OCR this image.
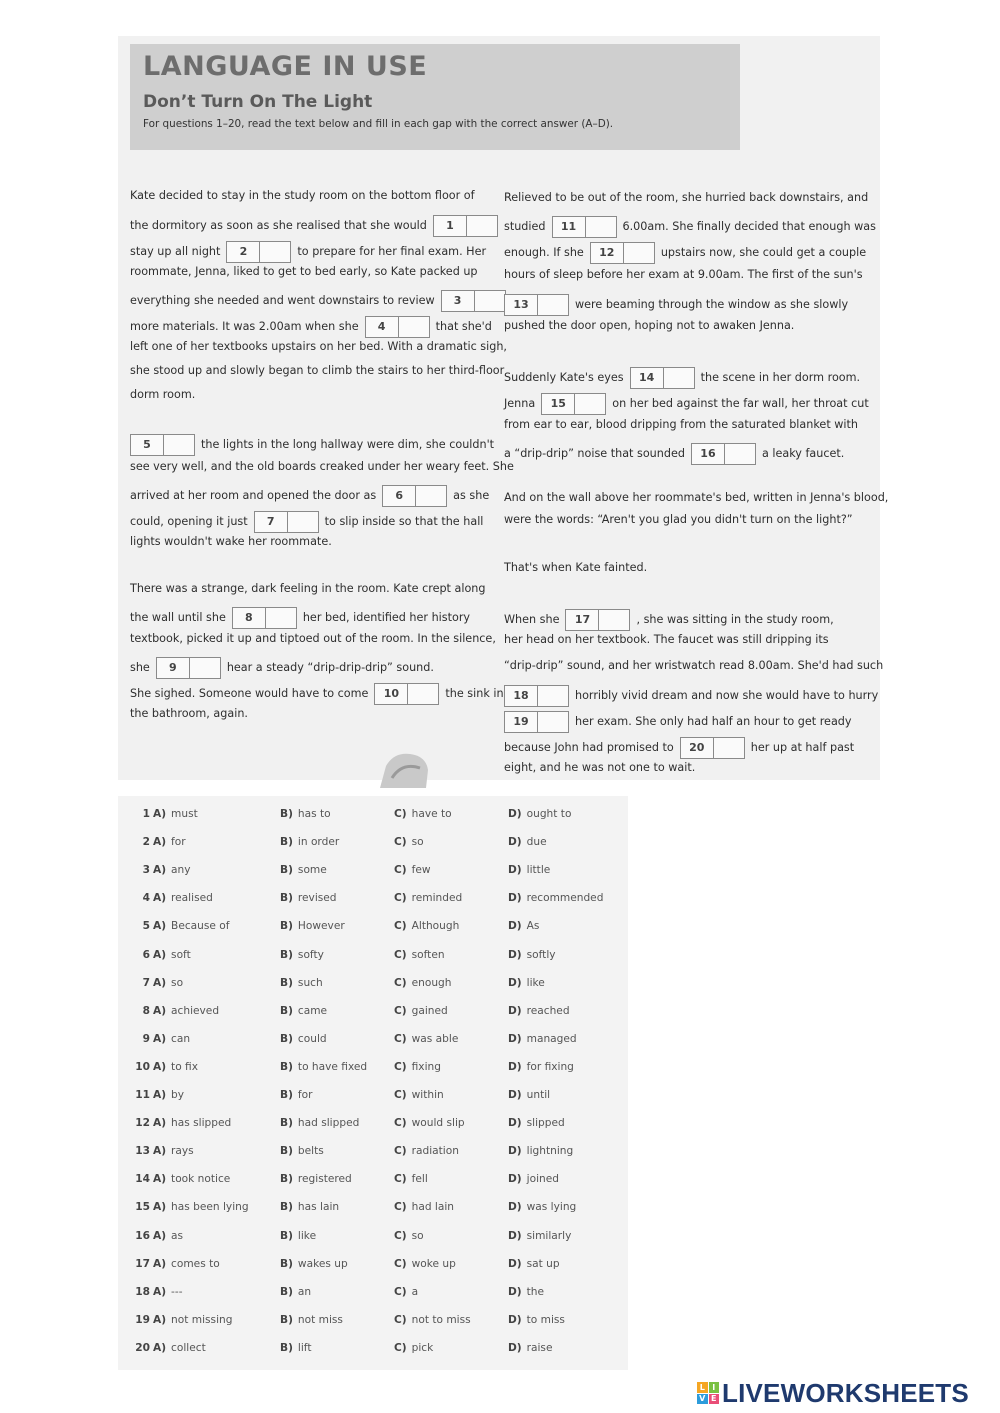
LANGUAGE IN USE
Don’t Turn On The Light
For questions 1–20, read the text below and fill in each gap with the correct answer (A–D).
Kate decided to stay in the study room on the bottom floor of
the dormitory as soon as she realised that she would	1
stay up all night	2	to prepare for her final exam. Her
roommate, Jenna, liked to get to bed early, so Kate packed up
everything she needed and went downstairs to review	3
more materials. It was 2.00am when she	4	that she'd
left one of her textbooks upstairs on her bed. With a dramatic sigh,
she stood up and slowly began to climb the stairs to her third-floor
dorm room.
5	the lights in the long hallway were dim, she couldn't
see very well, and the old boards creaked under her weary feet. She
arrived at her room and opened the door as	6	as she
could, opening it just	7	to slip inside so that the hall
lights wouldn't wake her roommate.
There was a strange, dark feeling in the room. Kate crept along
the wall until she	8	her bed, identified her history
textbook, picked it up and tiptoed out of the room. In the silence,
she	9	hear a steady “drip-drip-drip” sound.
She sighed. Someone would have to come	10	the sink in
the bathroom, again.
Relieved to be out of the room, she hurried back downstairs, and
studied	11	6.00am. She finally decided that enough was
enough. If she	12	upstairs now, she could get a couple
hours of sleep before her exam at 9.00am. The first of the sun's
13	were beaming through the window as she slowly
pushed the door open, hoping not to awaken Jenna.
Suddenly Kate's eyes	14	the scene in her dorm room.
Jenna	15	on her bed against the far wall, her throat cut
from ear to ear, blood dripping from the saturated blanket with
a “drip-drip” noise that sounded	16	a leaky faucet.
And on the wall above her roommate's bed, written in Jenna's blood,
were the words: “Aren't you glad you didn't turn on the light?”
That's when Kate fainted.
When she	17	, she was sitting in the study room,
her head on her textbook. The faucet was still dripping its
“drip-drip” sound, and her wristwatch read 8.00am. She'd had such
18	horribly vivid dream and now she would have to hurry
19	her exam. She only had half an hour to get ready
because John had promised to	20	her up at half past
eight, and he was not one to wait.
1 A) must	B) has to	C) have to	D) ought to
2 A) for	B) in order	C) so	D) due
3 A) any	B) some	C) few	D) little
4 A) realised	B) revised	C) reminded	D) recommended
5 A) Because of	B) However	C) Although	D) As
6 A) soft	B) softy	C) soften	D) softly
7 A) so	B) such	C) enough	D) like
8 A) achieved	B) came	C) gained	D) reached
9 A) can	B) could	C) was able	D) managed
10 A) to fix	B) to have fixed	C) fixing	D) for fixing
11 A) by	B) for	C) within	D) until
12 A) has slipped	B) had slipped	C) would slip	D) slipped
13 A) rays	B) belts	C) radiation	D) lightning
14 A) took notice	B) registered	C) fell	D) joined
15 A) has been lying	B) has lain	C) had lain	D) was lying
16 A) as	B) like	C) so	D) similarly
17 A) comes to	B) wakes up	C) woke up	D) sat up
18 A) ---	B) an	C) a	D) the
19 A) not missing	B) not miss	C) not to miss	D) to miss
20 A) collect	B) lift	C) pick	D) raise
L I
V E LIVEWORKSHEETS
